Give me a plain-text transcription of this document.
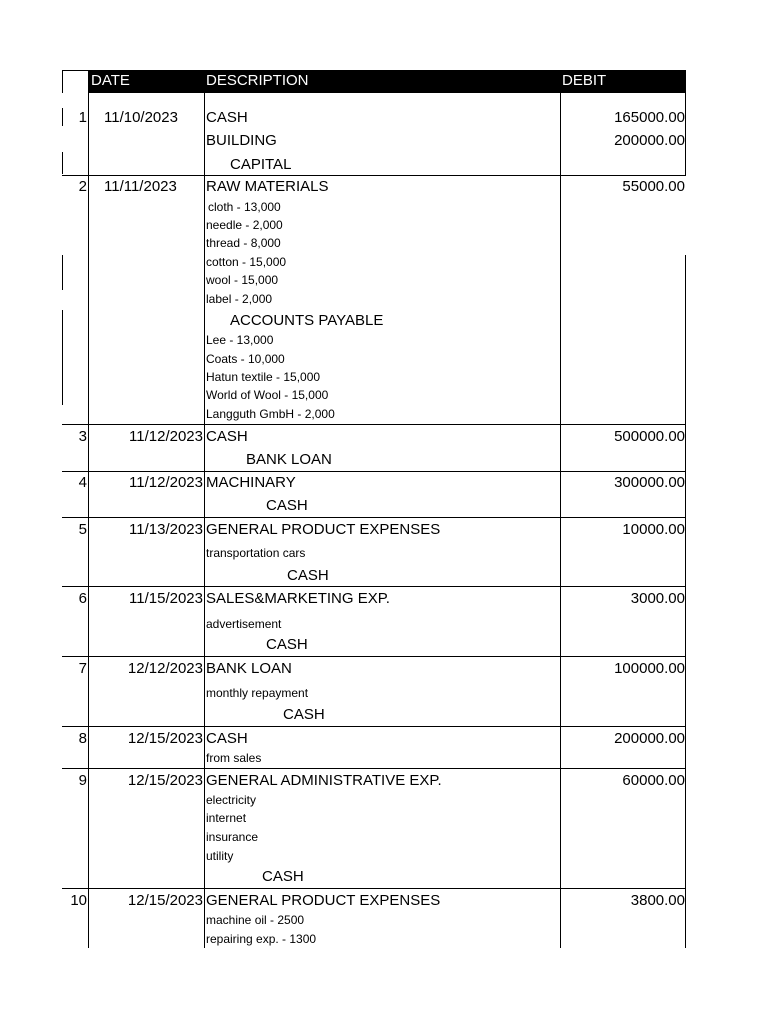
DATE	DESCRIPTION	DEBIT
1 11/10/2023 CASH	165000.00
BUILDING	200000.00
CAPITAL
2 11/11/2023 RAW MATERIALS	55000.00
cloth - 13,000
needle - 2,000
thread - 8,000
cotton - 15,000
wool - 15,000
label - 2,000
ACCOUNTS PAYABLE
Lee - 13,000
Coats - 10,000
Hatun textile - 15,000
World of Wool - 15,000
Langguth GmbH - 2,000
3	11/12/2023 CASH	500000.00
BANK LOAN
4	11/12/2023 MACHINARY	300000.00
CASH
5	11/13/2023 GENERAL PRODUCT EXPENSES	10000.00
transportation cars
CASH
6	11/15/2023 SALES&MARKETING EXP.	3000.00
advertisement
CASH
7	12/12/2023 BANK LOAN	100000.00
monthly repayment
CASH
8	12/15/2023 CASH	200000.00
from sales
9	12/15/2023 GENERAL ADMINISTRATIVE EXP.	60000.00
electricity
internet
insurance
utility
CASH
10	12/15/2023 GENERAL PRODUCT EXPENSES	3800.00
machine oil - 2500
repairing exp. - 1300
